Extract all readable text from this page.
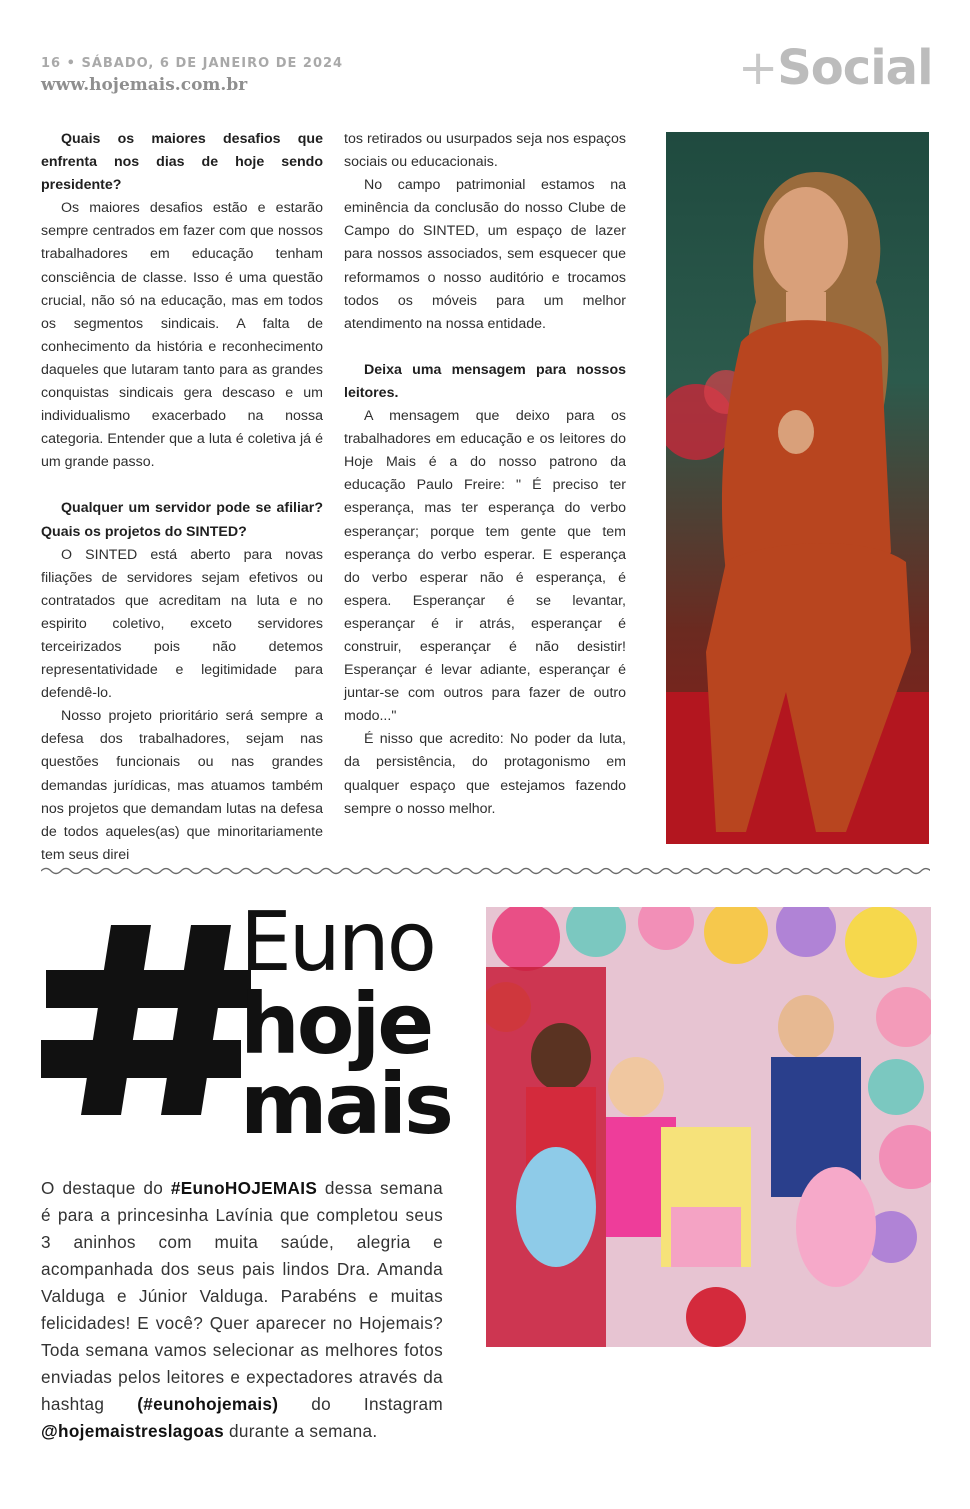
16 • SÁBADO, 6 DE JANEIRO DE 2024
www.hojemais.com.br	+Social

Quais os maiores desafios que enfrenta nos dias de hoje sendo presidente?

Os maiores desafios estão e estarão sempre centrados em fazer com que nossos trabalhadores em educação tenham consciência de classe. Isso é uma questão crucial, não só na educação, mas em todos os segmentos sindicais. A falta de conhecimento da história e reconhecimento daqueles que lutaram tanto para as grandes conquistas sindicais gera descaso e um individualismo exacerbado na nossa categoria. Entender que a luta é coletiva já é um grande passo.

Qualquer um servidor pode se afiliar? Quais os projetos do SINTED?

O SINTED está aberto para novas filiações de servidores sejam efetivos ou contratados que acreditam na luta e no espirito coletivo, exceto servidores terceirizados pois não detemos representatividade e legitimidade para defendê-lo.

Nosso projeto prioritário será sempre a defesa dos trabalhadores, sejam nas questões funcionais ou nas grandes demandas jurídicas, mas atuamos também nos projetos que demandam lutas na defesa de todos aqueles(as) que minoritariamente tem seus direi

tos retirados ou usurpados seja nos espaços sociais ou educacionais.

No campo patrimonial estamos na eminência da conclusão do nosso Clube de Campo do SINTED, um espaço de lazer para nossos associados, sem esquecer que reformamos o nosso auditório e trocamos todos os móveis para um melhor atendimento na nossa entidade.

Deixa uma mensagem para nossos leitores.

A mensagem que deixo para os trabalhadores em educação e os leitores do Hoje Mais é a do nosso patrono da educação Paulo Freire: " É preciso ter esperança, mas ter esperança do verbo esperançar; porque tem gente que tem esperança do verbo esperar. E esperança do verbo esperar não é esperança, é espera. Esperançar é se levantar, esperançar é ir atrás, esperançar é construir, esperançar é não desistir! Esperançar é levar adiante, esperançar é juntar-se com outros para fazer de outro modo..."

É nisso que acredito: No poder da luta, da persistência, do protagonismo em qualquer espaço que estejamos fazendo sempre o nosso melhor.

Euno
hoje
mais
O destaque do #EunoHOJEMAIS dessa semana é para a princesinha Lavínia que completou seus 3 aninhos com muita saúde, alegria e acompanhada dos seus pais lindos Dra. Amanda Valduga e Júnior Valduga. Parabéns e muitas felicidades! E você? Quer aparecer no Hojemais? Toda semana vamos selecionar as melhores fotos enviadas pelos leitores e expectadores através da hashtag (#eunohojemais) do Instagram @hojemaistreslagoas durante a semana.
